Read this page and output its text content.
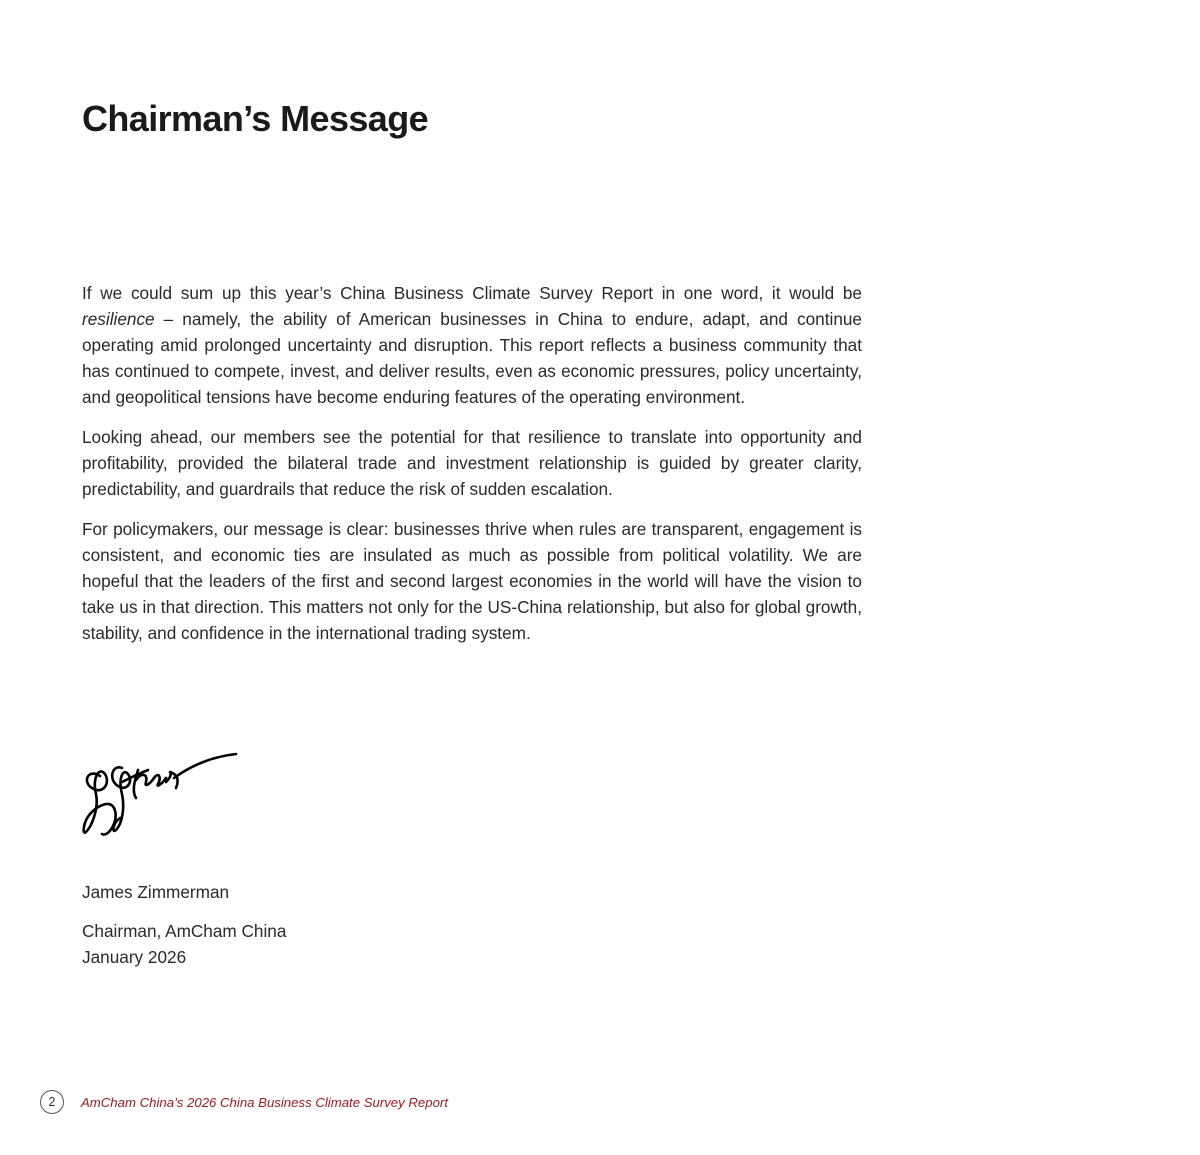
Chairman’s Message

If we could sum up this year’s China Business Climate Survey Report in one word, it would be resilience – namely, the ability of American businesses in China to endure, adapt, and continue operating amid prolonged uncertainty and disruption. This report reflects a business community that has continued to compete, invest, and deliver results, even as economic pressures, policy uncertainty, and geopolitical tensions have become enduring features of the operating environment.

Looking ahead, our members see the potential for that resilience to translate into opportunity and profitability, provided the bilateral trade and investment relationship is guided by greater clarity, predictability, and guardrails that reduce the risk of sudden escalation.

For policymakers, our message is clear: businesses thrive when rules are transparent, engagement is consistent, and economic ties are insulated as much as possible from political volatility. We are hopeful that the leaders of the first and second largest economies in the world will have the vision to take us in that direction. This matters not only for the US-China relationship, but also for global growth, stability, and confidence in the international trading system.

James Zimmerman
Chairman, AmCham China
January 2026
2	AmCham China’s 2026 China Business Climate Survey Report
